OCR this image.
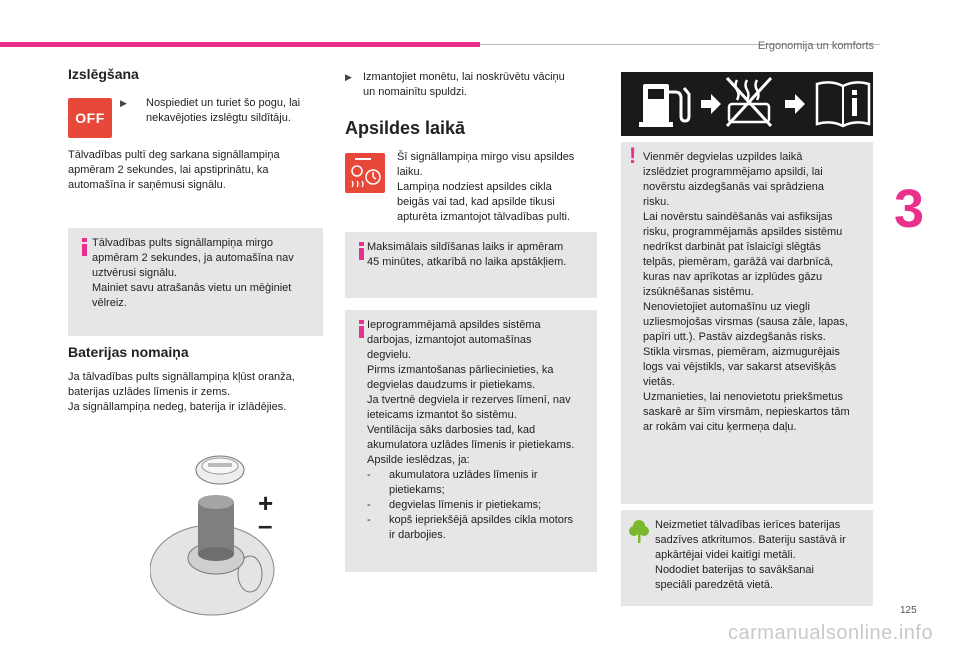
Ergonomija un komforts
3
125
carmanualsonline.info
Izslēgšana
OFF
▶ Nospiediet un turiet šo pogu, lai
nekavējoties izslēgtu sildītāju.
Tālvadības pultī deg sarkana signāllampiņa
apmēram 2 sekundes, lai apstiprinātu, ka
automašīna ir saņēmusi signālu.
Tālvadības pults signāllampiņa mirgo
apmēram 2 sekundes, ja automašīna nav
uztvērusi signālu.
Mainiet savu atrašanās vietu un mēģiniet
vēlreiz.
Baterijas nomaiņa
Ja tālvadības pults signāllampiņa kļūst oranža,
baterijas uzlādes līmenis ir zems.
Ja signāllampiņa nedeg, baterija ir izlādējies.
+
–
▶ Izmantojiet monētu, lai noskrūvētu vāciņu
un nomainītu spuldzi.
Apsildes laikā
Šī signāllampiņa mirgo visu apsildes
laiku.
Lampiņa nodziest apsildes cikla
beigās vai tad, kad apsilde tikusi
apturēta izmantojot tālvadības pulti.
Maksimālais sildīšanas laiks ir apmēram
45 minūtes, atkarībā no laika apstākļiem.
Ieprogrammējamā apsildes sistēma
darbojas, izmantojot automašīnas
degvielu.
Pirms izmantošanas pārliecinieties, ka
degvielas daudzums ir pietiekams.
Ja tvertnē degviela ir rezerves līmenī, nav
ieteicams izmantot šo sistēmu.
Ventilācija sāks darbosies tad, kad
akumulatora uzlādes līmenis ir pietiekams.
Apsilde ieslēdzas, ja:
-	akumulatora uzlādes līmenis ir
pietiekams;
-	degvielas līmenis ir pietiekams;
-	kopš iepriekšējā apsildes cikla motors
ir darbojies.
! Vienmēr degvielas uzpildes laikā
izslēdziet programmējamo apsildi, lai
novērstu aizdegšanās vai sprādziena
risku.
Lai novērstu saindēšanās vai asfiksijas
risku, programmējamās apsildes sistēmu
nedrīkst darbināt pat īslaicīgi slēgtās
telpās, piemēram, garāžā vai darbnīcā,
kuras nav aprīkotas ar izplūdes gāzu
izsūknēšanas sistēmu.
Nenovietojiet automašīnu uz viegli
uzliesmojošas virsmas (sausa zāle, lapas,
papīri utt.). Pastāv aizdegšanās risks.
Stikla virsmas, piemēram, aizmugurējais
logs vai vējstikls, var sakarst atsevišķās
vietās.
Uzmanieties, lai nenovietotu priekšmetus
saskarē ar šīm virsmām, nepieskartos tām
ar rokām vai citu ķermeņa daļu.
Neizmetiet tālvadības ierīces baterijas
sadzīves atkritumos. Bateriju sastāvā ir
apkārtējai videi kaitīgi metāli.
Nododiet baterijas to savākšanai
speciāli paredzētā vietā.
